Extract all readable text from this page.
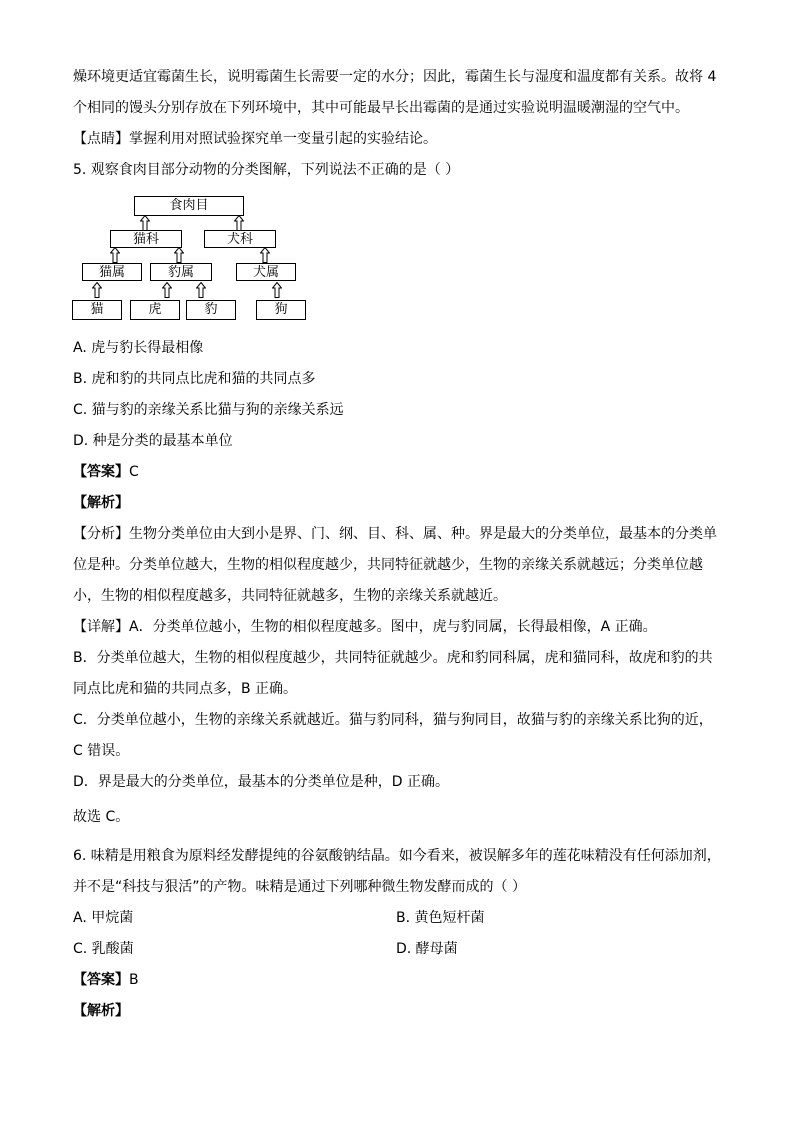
燥环境更适宜霉菌生长，说明霉菌生长需要一定的水分；因此，霉菌生长与湿度和温度都有关系。故将 4
个相同的馒头分别存放在下列环境中，其中可能最早长出霉菌的是通过实验说明温暖潮湿的空气中。
【点睛】掌握利用对照试验探究单一变量引起的实验结论。
5. 观察食肉目部分动物的分类图解，下列说法不正确的是（ ）
食肉目
猫科	犬科
猫属	豹属	犬属
猫	虎	豹	狗
A. 虎与豹长得最相像
B. 虎和豹的共同点比虎和猫的共同点多
C. 猫与豹的亲缘关系比猫与狗的亲缘关系远
D. 种是分类的最基本单位
【答案】C
【解析】
【分析】生物分类单位由大到小是界、门、纲、目、科、属、种。界是最大的分类单位，最基本的分类单
位是种。分类单位越大，生物的相似程度越少，共同特征就越少，生物的亲缘关系就越远；分类单位越
小，生物的相似程度越多，共同特征就越多，生物的亲缘关系就越近。
【详解】A．分类单位越小，生物的相似程度越多。图中，虎与豹同属，长得最相像，A 正确。
B．分类单位越大，生物的相似程度越少，共同特征就越少。虎和豹同科属，虎和猫同科，故虎和豹的共
同点比虎和猫的共同点多，B 正确。
C．分类单位越小，生物的亲缘关系就越近。猫与豹同科，猫与狗同目，故猫与豹的亲缘关系比狗的近，
C 错误。
D．界是最大的分类单位，最基本的分类单位是种，D 正确。
故选 C。
6. 味精是用粮食为原料经发酵提纯的谷氨酸钠结晶。如今看来，被误解多年的莲花味精没有任何添加剂，
并不是“科技与狠活”的产物。味精是通过下列哪种微生物发酵而成的（ ）
A. 甲烷菌	B. 黄色短杆菌
C. 乳酸菌	D. 酵母菌
【答案】B
【解析】
